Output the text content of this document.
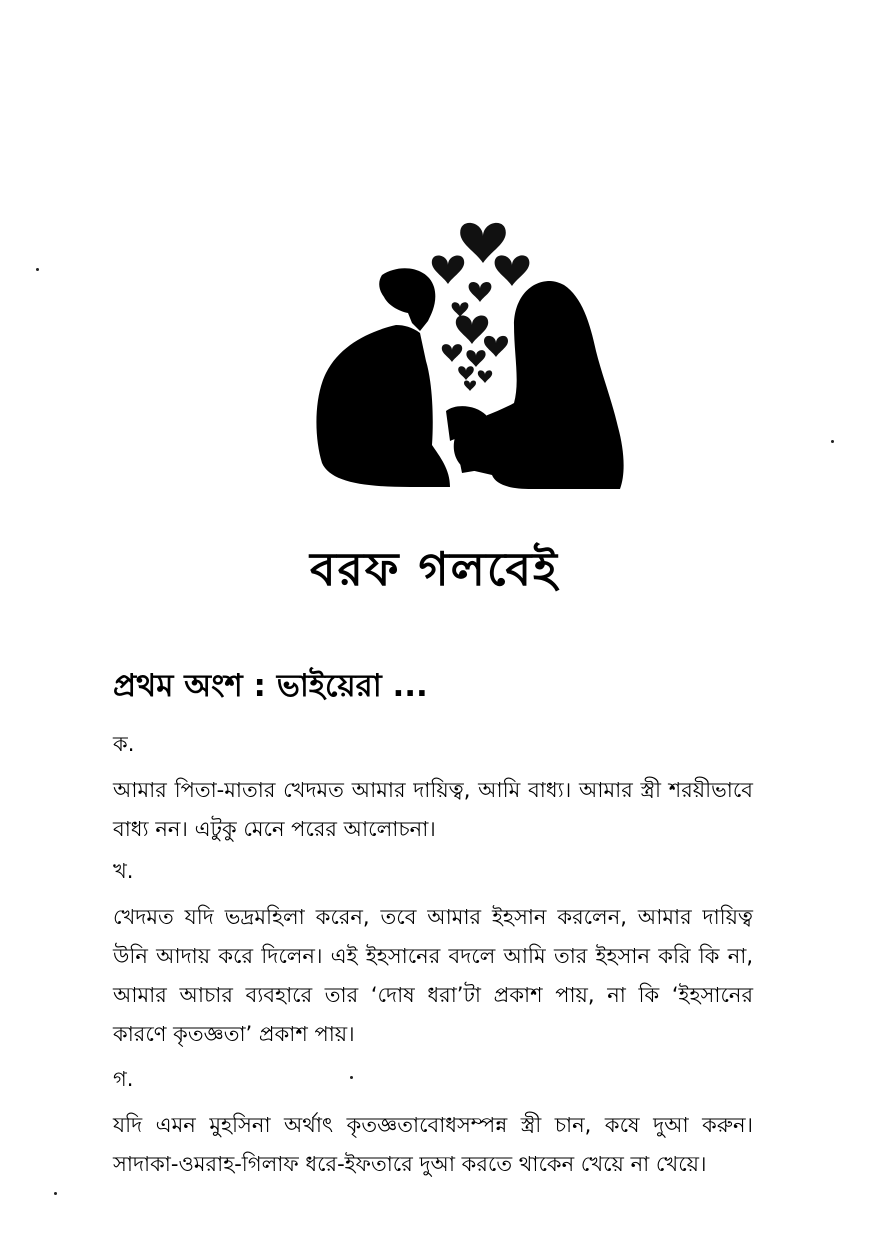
বরফ গলবেই
প্রথম অংশ : ভাইয়েরা ...
ক.
আমার পিতা-মাতার খেদমত আমার দায়িত্ব, আমি বাধ্য। আমার স্ত্রী শরয়ীভাবে বাধ্য নন। এটুকু মেনে পরের আলোচনা।
খ.
খেদমত যদি ভদ্রমহিলা করেন, তবে আমার ইহসান করলেন, আমার দায়িত্ব উনি আদায় করে দিলেন। এই ইহসানের বদলে আমি তার ইহসান করি কি না, আমার আচার ব্যবহারে তার ‘দোষ ধরা’টা প্রকাশ পায়, না কি ‘ইহসানের কারণে কৃতজ্ঞতা’ প্রকাশ পায়।
গ.
যদি এমন মুহসিনা অর্থাৎ কৃতজ্ঞতাবোধসম্পন্ন স্ত্রী চান, কষে দুআ করুন। সাদাকা-ওমরাহ-গিলাফ ধরে-ইফতারে দুআ করতে থাকেন খেয়ে না খেয়ে।
